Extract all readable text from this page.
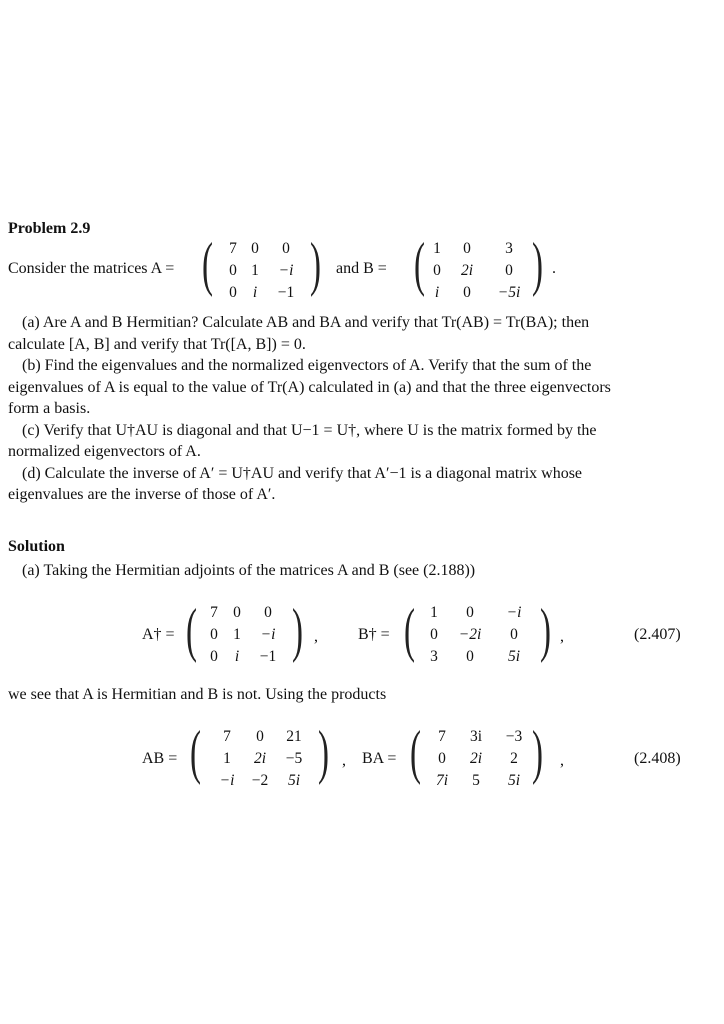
Problem 2.9
Consider the matrices A = ( 7	0	0
0	1	−i
0	i	−1 ) and B = ( 1	0	3
0	2i	0
i	0	−5i ) .
(a) Are A and B Hermitian? Calculate AB and BA and verify that Tr(AB) = Tr(BA); then
calculate [A, B] and verify that Tr([A, B]) = 0.
(b) Find the eigenvalues and the normalized eigenvectors of A. Verify that the sum of the
eigenvalues of A is equal to the value of Tr(A) calculated in (a) and that the three eigenvectors
form a basis.
(c) Verify that U†AU is diagonal and that U−1 = U†, where U is the matrix formed by the
normalized eigenvectors of A.
(d) Calculate the inverse of A′ = U†AU and verify that A′−1 is a diagonal matrix whose
eigenvalues are the inverse of those of A′.
Solution
(a) Taking the Hermitian adjoints of the matrices A and B (see (2.188))
A† = ( 7	0	0
0	1	−i
0	i	−1 ) ,	B† = ( 1	0	−i
0	−2i	0
3	0	5i ) ,	(2.407)
we see that A is Hermitian and B is not. Using the products
AB = ( 7	0	21
1	2i	−5
−i	−2	5i ) , BA = ( 7	3i	−3
0	2i	2
7i	5	5i ) ,	(2.408)
